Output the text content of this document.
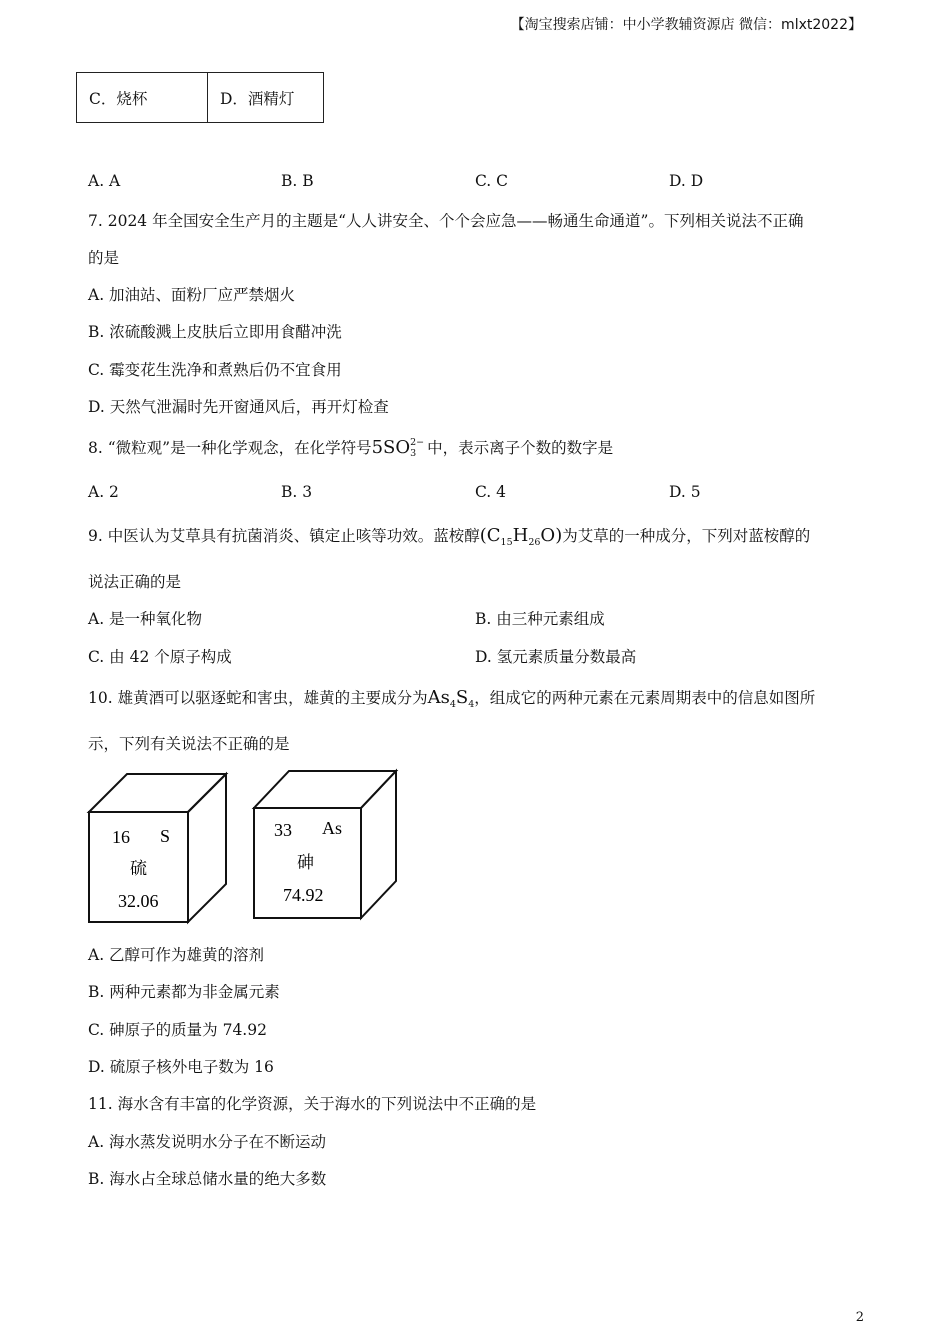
【淘宝搜索店铺：中小学教辅资源店 微信：mlxt2022】
C．烧杯	D．酒精灯
A. A	B. B	C. C	D. D
7. 2024 年全国安全生产月的主题是“人人讲安全、个个会应急——畅通生命通道”。下列相关说法不正确
的是
A. 加油站、面粉厂应严禁烟火
B. 浓硫酸溅上皮肤后立即用食醋冲洗
C. 霉变花生洗净和煮熟后仍不宜食用
D. 天然气泄漏时先开窗通风后，再开灯检查
8. “微粒观”是一种化学观念，在化学符号5SO 2−
3 中，表示离子个数的数字是
A. 2	B. 3	C. 4	D. 5
9. 中医认为艾草具有抗菌消炎、镇定止咳等功效。蓝桉醇$(C_{15}H_{26}O)$为艾草的一种成分，下列对蓝桉醇的
说法正确的是
A. 是一种氧化物	B. 由三种元素组成
C. 由 42 个原子构成	D. 氢元素质量分数最高
10. 雄黄酒可以驱逐蛇和害虫，雄黄的主要成分为$As_4S_4$，组成它的两种元素在元素周期表中的信息如图所
示，下列有关说法不正确的是
16 S
硫
32.06
33 As
砷
74.92
A. 乙醇可作为雄黄的溶剂
B. 两种元素都为非金属元素
C. 砷原子的质量为 74.92
D. 硫原子核外电子数为 16
11. 海水含有丰富的化学资源，关于海水的下列说法中不正确的是
A. 海水蒸发说明水分子在不断运动
B. 海水占全球总储水量的绝大多数
2
